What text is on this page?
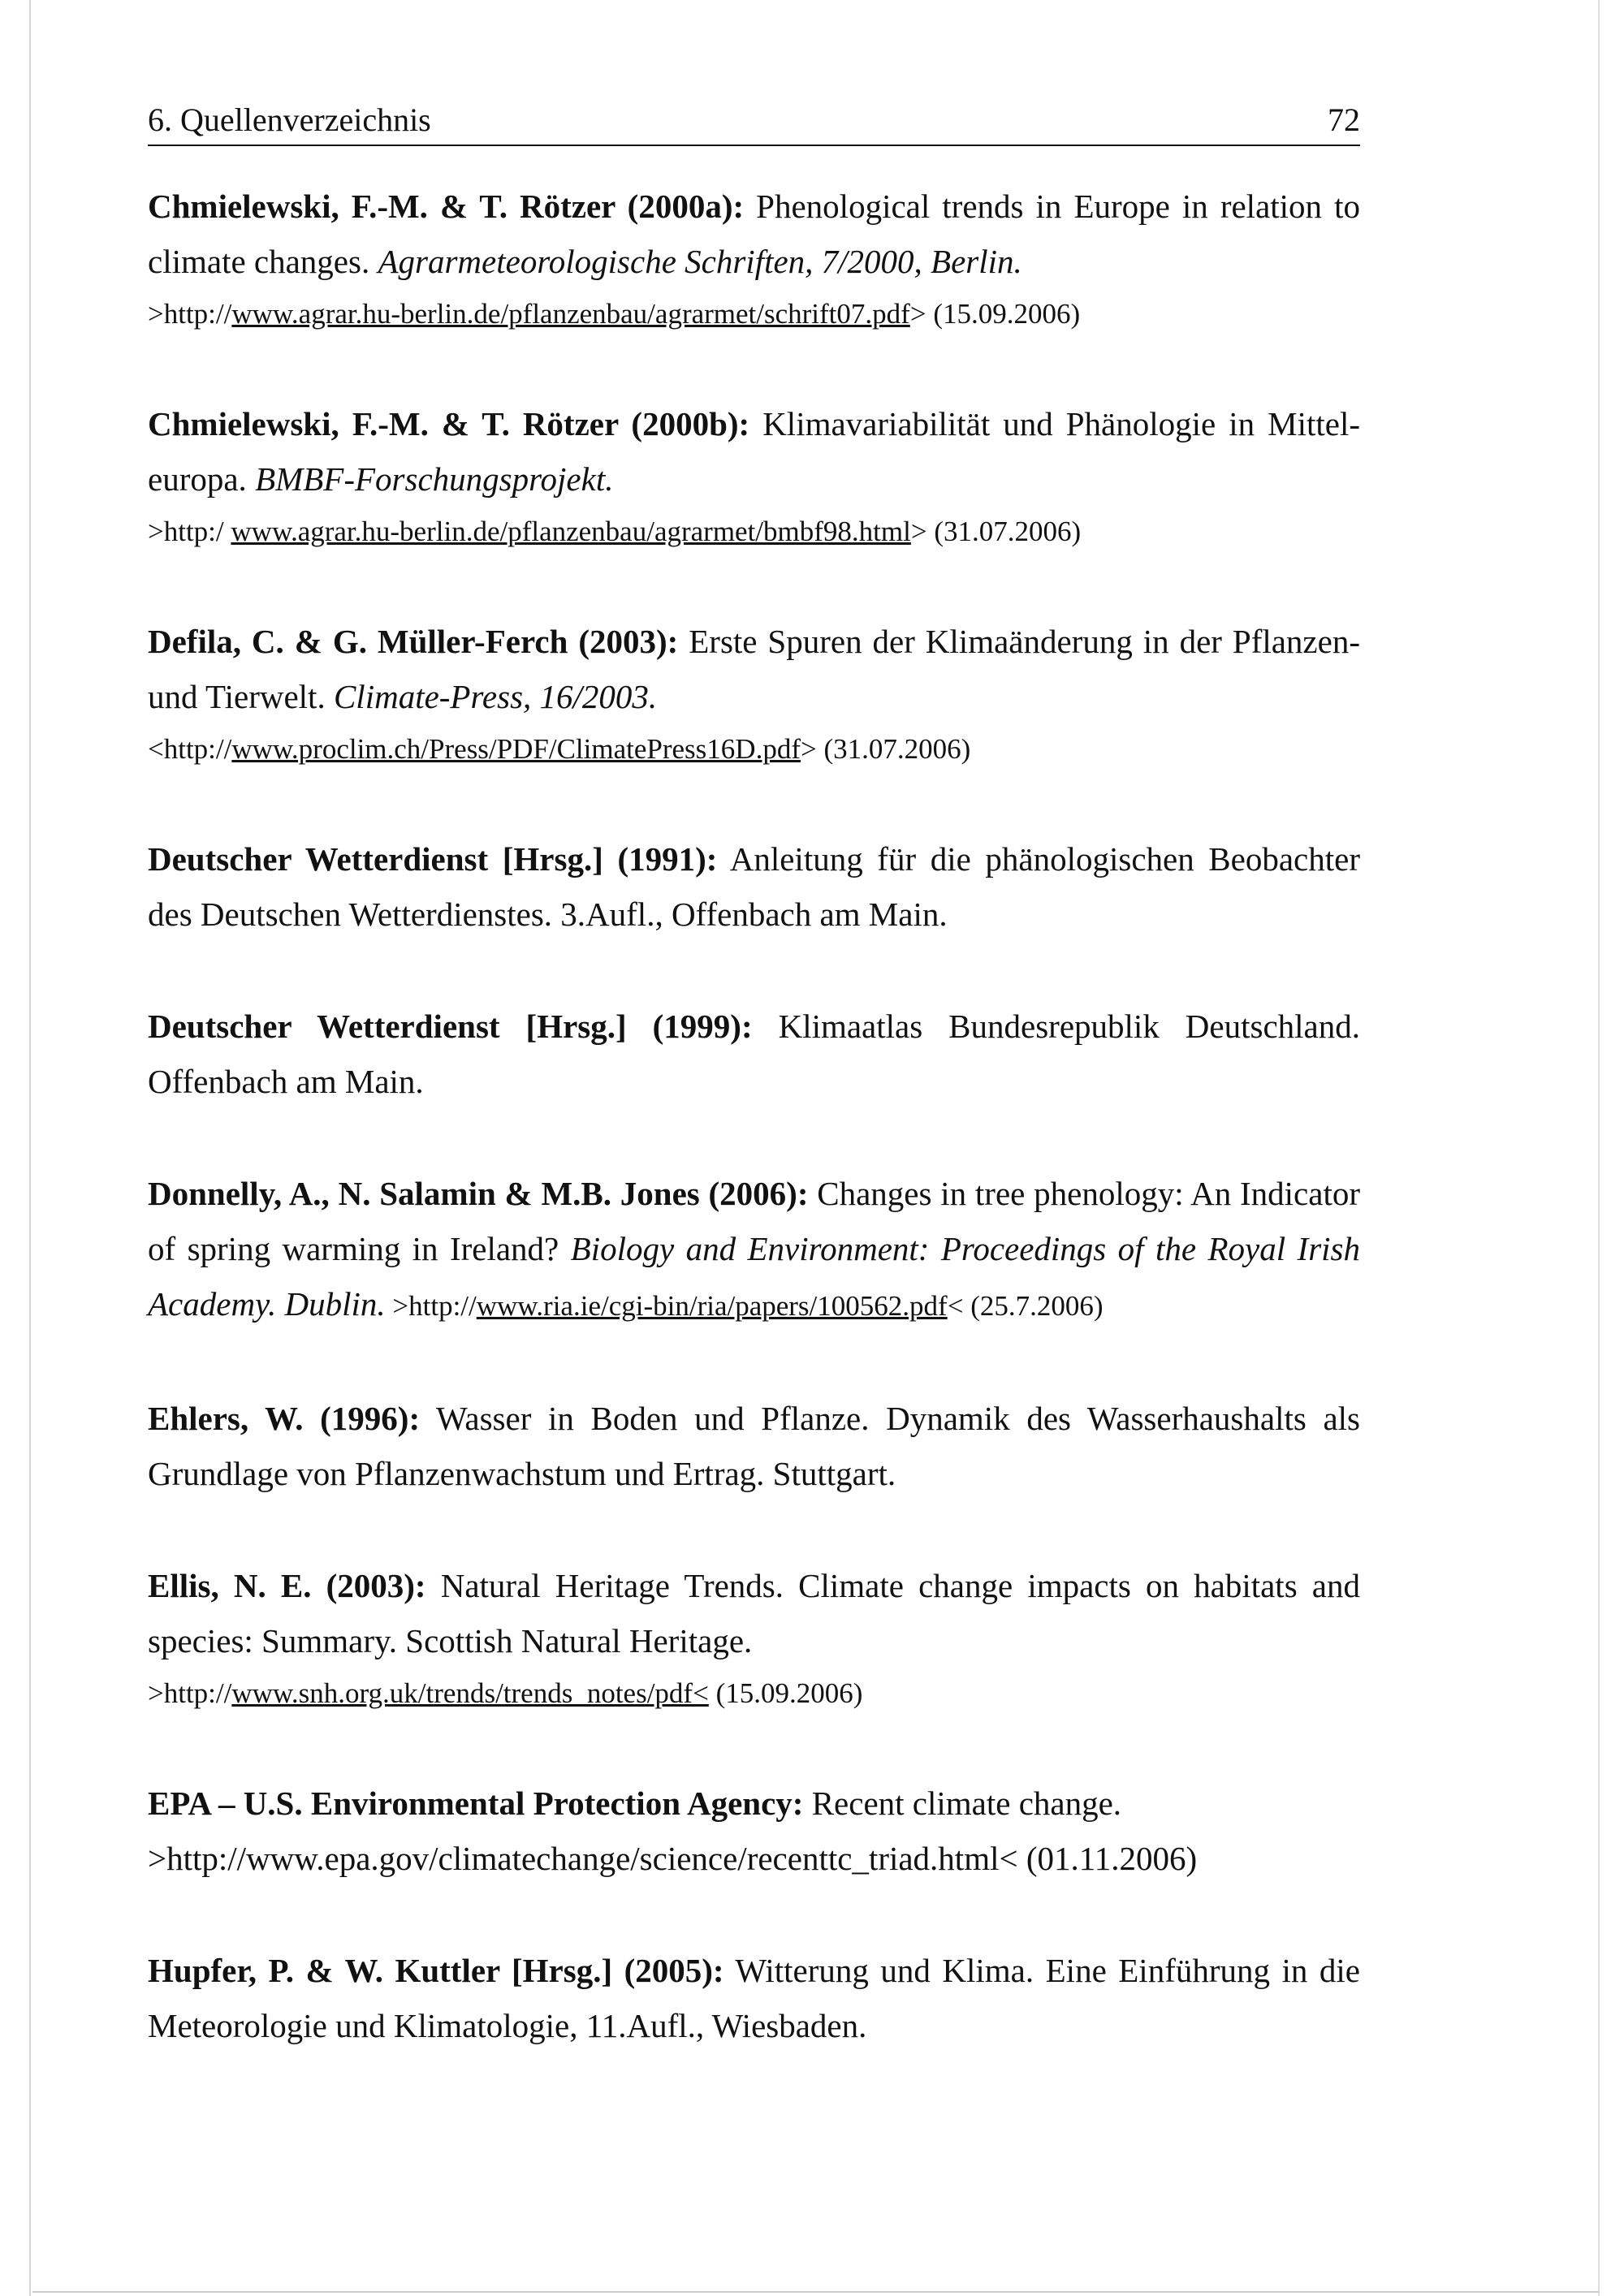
6. Quellenverzeichnis	72

Chmielewski, F.-M. & T. Rötzer (2000a): Phenological trends in Europe in relation to climate changes. Agrarmeteorologische Schriften, 7/2000, Berlin.
>http://www.agrar.hu-berlin.de/pflanzenbau/agrarmet/schrift07.pdf> (15.09.2006)

Chmielewski, F.-M. & T. Rötzer (2000b): Klimavariabilität und Phänologie in Mittel-europa. BMBF-Forschungsprojekt.
>http:/ www.agrar.hu-berlin.de/pflanzenbau/agrarmet/bmbf98.html> (31.07.2006)

Defila, C. & G. Müller-Ferch (2003): Erste Spuren der Klimaänderung in der Pflanzen- und Tierwelt. Climate-Press, 16/2003.
<http://www.proclim.ch/Press/PDF/ClimatePress16D.pdf> (31.07.2006)

Deutscher Wetterdienst [Hrsg.] (1991): Anleitung für die phänologischen Beobachter des Deutschen Wetterdienstes. 3.Aufl., Offenbach am Main.

Deutscher Wetterdienst [Hrsg.] (1999): Klimaatlas Bundesrepublik Deutschland. Offenbach am Main.

Donnelly, A., N. Salamin & M.B. Jones (2006): Changes in tree phenology: An Indicator of spring warming in Ireland? Biology and Environment: Proceedings of the Royal Irish Academy. Dublin. >http://www.ria.ie/cgi-bin/ria/papers/100562.pdf< (25.7.2006)

Ehlers, W. (1996): Wasser in Boden und Pflanze. Dynamik des Wasserhaushalts als Grundlage von Pflanzenwachstum und Ertrag. Stuttgart.

Ellis, N. E. (2003): Natural Heritage Trends. Climate change impacts on habitats and species: Summary. Scottish Natural Heritage.
>http://www.snh.org.uk/trends/trends_notes/pdf< (15.09.2006)

EPA – U.S. Environmental Protection Agency: Recent climate change.
>http://www.epa.gov/climatechange/science/recenttc_triad.html< (01.11.2006)

Hupfer, P. & W. Kuttler [Hrsg.] (2005): Witterung und Klima. Eine Einführung in die Meteorologie und Klimatologie, 11.Aufl., Wiesbaden.
